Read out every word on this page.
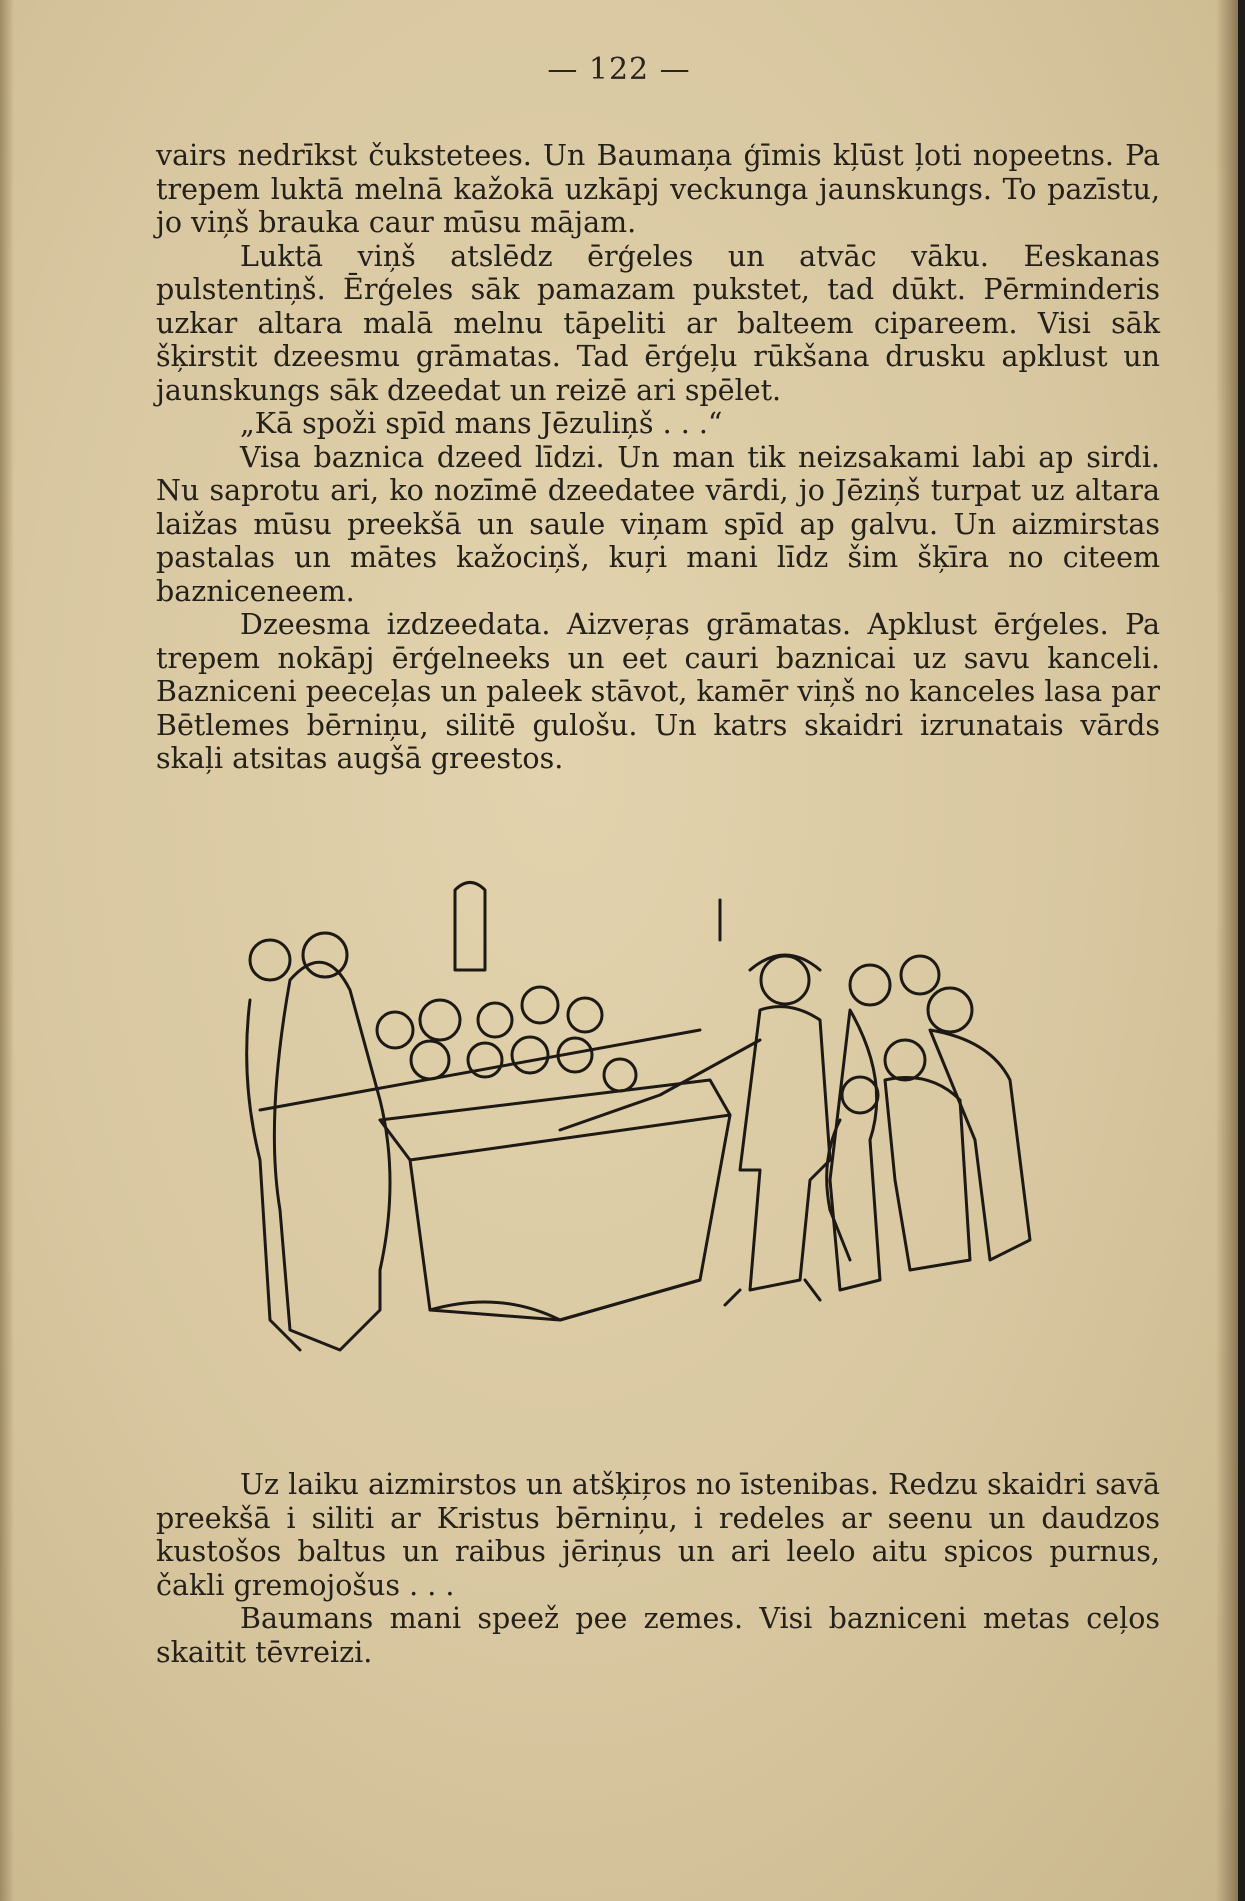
— 122 —

vairs nedrīkst čukstetees. Un Baumaņa ģīmis kļūst ļoti nopeetns. Pa trepem luktā melnā kažokā uzkāpj veckunga jaunskungs. To pazīstu, jo viņš brauka caur mūsu mājam.

Luktā viņš atslēdz ērģeles un atvāc vāku. Eeskanas pulstentiņš. Ērģeles sāk pamazam pukstet, tad dūkt. Pērminderis uzkar altara malā melnu tāpeliti ar balteem cipareem. Visi sāk šķirstit dzeesmu grāmatas. Tad ērģeļu rūkšana drusku apklust un jaunskungs sāk dzeedat un reizē ari spēlet.

„Kā spoži spīd mans Jēzuliņš . . .“

Visa baznica dzeed līdzi. Un man tik neizsakami labi ap sirdi. Nu saprotu ari, ko nozīmē dzeedatee vārdi, jo Jēziņš turpat uz altara laižas mūsu preekšā un saule viņam spīd ap galvu. Un aizmirstas pastalas un mātes kažociņš, kuŗi mani līdz šim šķīra no citeem bazniceneem.

Dzeesma izdzeedata. Aizveŗas grāmatas. Apklust ērģeles. Pa trepem nokāpj ērģelneeks un eet cauri baznicai uz savu kanceli. Bazniceni peeceļas un paleek stāvot, kamēr viņš no kanceles lasa par Bētlemes bērniņu, silitē gulošu. Un katrs skaidri izrunatais vārds skaļi atsitas augšā greestos.

Uz laiku aizmirstos un atšķiŗos no īstenibas. Redzu skaidri savā preekšā i siliti ar Kristus bērniņu, i redeles ar seenu un daudzos kustošos baltus un raibus jēriņus un ari leelo aitu spicos purnus, čakli gremojošus . . .

Baumans mani speež pee zemes. Visi bazniceni metas ceļos skaitit tēvreizi.
